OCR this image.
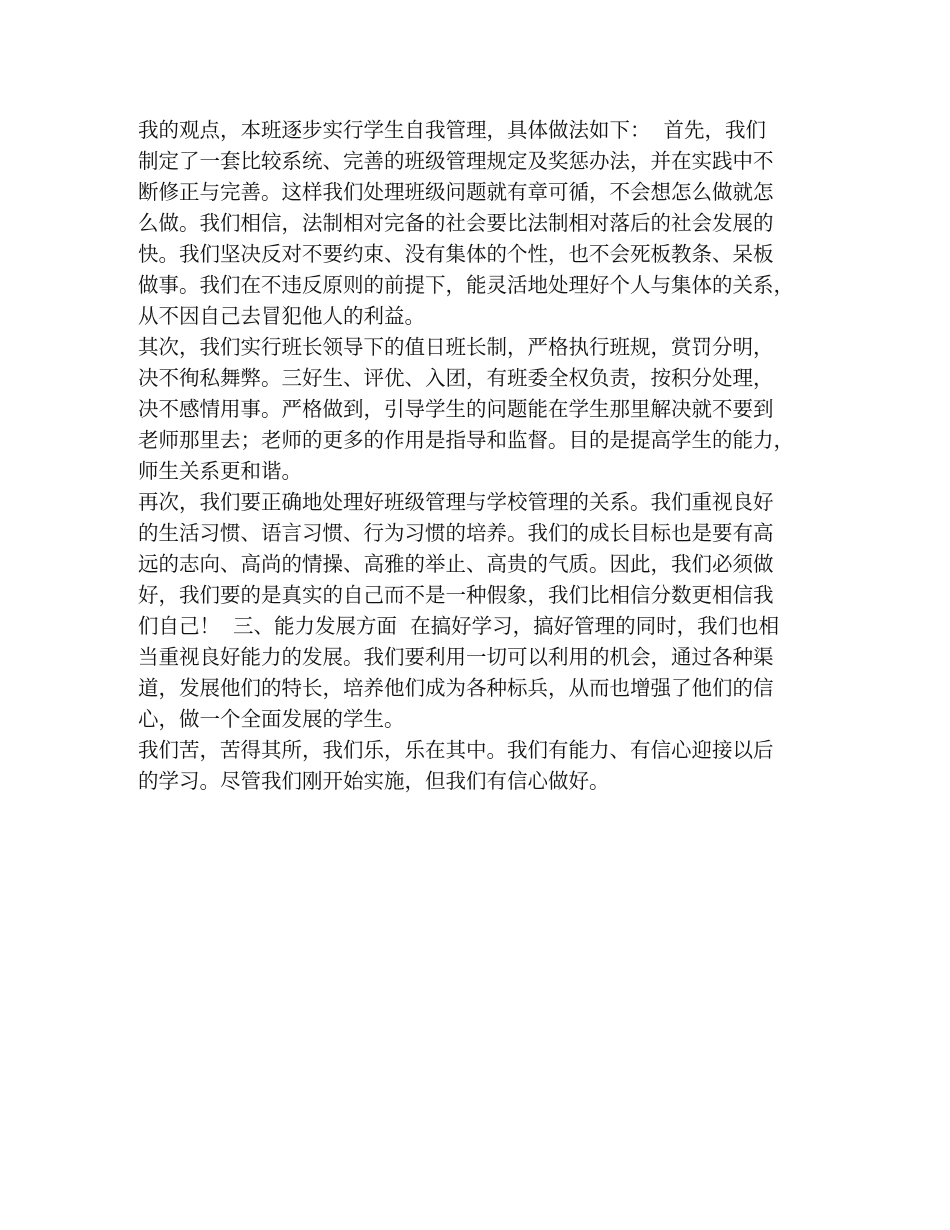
我的观点，本班逐步实行学生自我管理，具体做法如下：  首先，我们
制定了一套比较系统、完善的班级管理规定及奖惩办法，并在实践中不
断修正与完善。这样我们处理班级问题就有章可循，不会想怎么做就怎
么做。我们相信，法制相对完备的社会要比法制相对落后的社会发展的
快。我们坚决反对不要约束、没有集体的个性，也不会死板教条、呆板
做事。我们在不违反原则的前提下，能灵活地处理好个人与集体的关系，
从不因自己去冒犯他人的利益。
其次，我们实行班长领导下的值日班长制，严格执行班规，赏罚分明，
决不徇私舞弊。三好生、评优、入团，有班委全权负责，按积分处理，
决不感情用事。严格做到，引导学生的问题能在学生那里解决就不要到
老师那里去；老师的更多的作用是指导和监督。目的是提高学生的能力，
师生关系更和谐。
再次，我们要正确地处理好班级管理与学校管理的关系。我们重视良好
的生活习惯、语言习惯、行为习惯的培养。我们的成长目标也是要有高
远的志向、高尚的情操、高雅的举止、高贵的气质。因此，我们必须做
好，我们要的是真实的自己而不是一种假象，我们比相信分数更相信我
们自己！  三、能力发展方面  在搞好学习，搞好管理的同时，我们也相
当重视良好能力的发展。我们要利用一切可以利用的机会，通过各种渠
道，发展他们的特长，培养他们成为各种标兵，从而也增强了他们的信
心，做一个全面发展的学生。
我们苦，苦得其所，我们乐，乐在其中。我们有能力、有信心迎接以后
的学习。尽管我们刚开始实施，但我们有信心做好。
